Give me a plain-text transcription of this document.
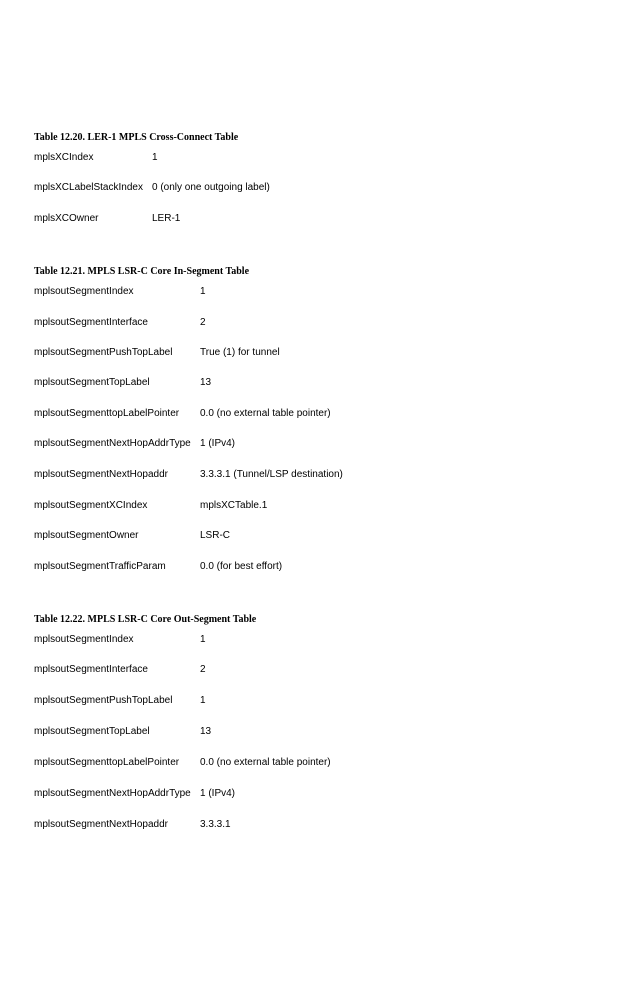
Table 12.20. LER-1 MPLS Cross-Connect Table
mplsXCIndex	1
mplsXCLabelStackIndex 0 (only one outgoing label)
mplsXCOwner	LER-1
Table 12.21. MPLS LSR-C Core In-Segment Table
mplsoutSegmentIndex	1
mplsoutSegmentInterface	2
mplsoutSegmentPushTopLabel	True (1) for tunnel
mplsoutSegmentTopLabel	13
mplsoutSegmenttopLabelPointer 0.0 (no external table pointer)
mplsoutSegmentNextHopAddrType 1 (IPv4)
mplsoutSegmentNextHopaddr	3.3.3.1 (Tunnel/LSP destination)
mplsoutSegmentXCIndex	mplsXCTable.1
mplsoutSegmentOwner	LSR-C
mplsoutSegmentTrafficParam	0.0 (for best effort)
Table 12.22. MPLS LSR-C Core Out-Segment Table
mplsoutSegmentIndex	1
mplsoutSegmentInterface	2
mplsoutSegmentPushTopLabel	1
mplsoutSegmentTopLabel	13
mplsoutSegmenttopLabelPointer 0.0 (no external table pointer)
mplsoutSegmentNextHopAddrType 1 (IPv4)
mplsoutSegmentNextHopaddr	3.3.3.1
